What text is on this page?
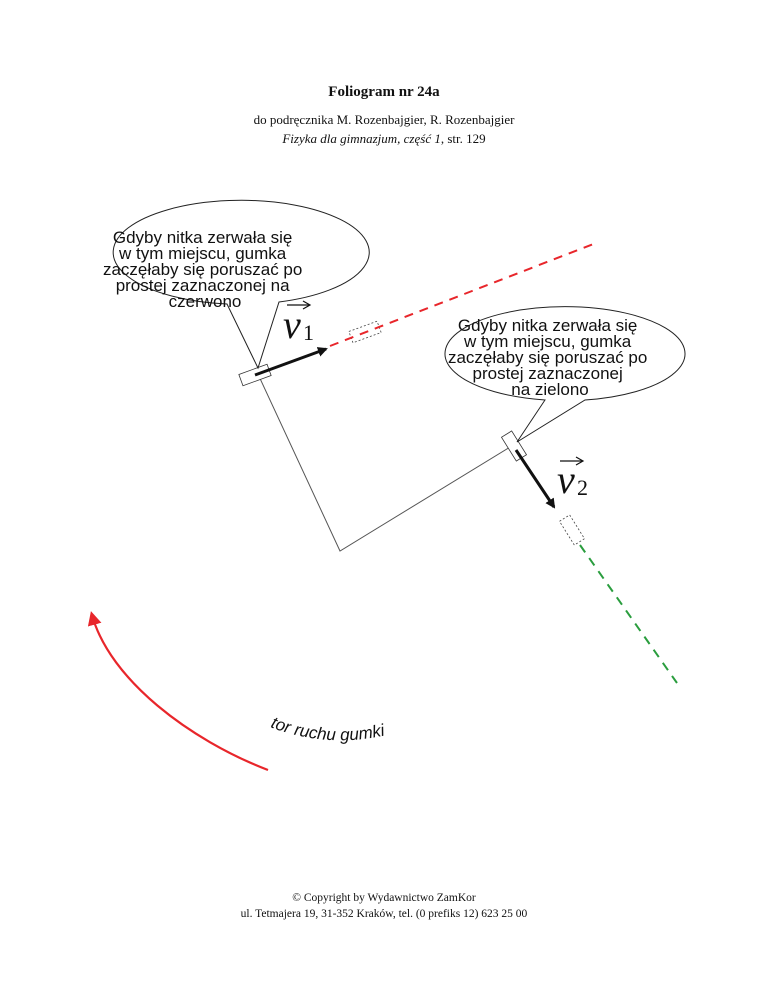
Foliogram nr 24a
do podręcznika M. Rozenbajgier, R. Rozenbajgier
Fizyka dla gimnazjum, część 1, str. 129
v 1
v 2
Gdyby nitka zerwała się w tym miejscu, gumka zaczęłaby się poruszać po prostej zaznaczonej na czerwono
Gdyby nitka zerwała się w tym miejscu, gumka zaczęłaby się poruszać po prostej zaznaczonej na zielono
tor ruchu gumki
© Copyright by Wydawnictwo ZamKor
ul. Tetmajera 19, 31-352 Kraków, tel. (0 prefiks 12) 623 25 00
